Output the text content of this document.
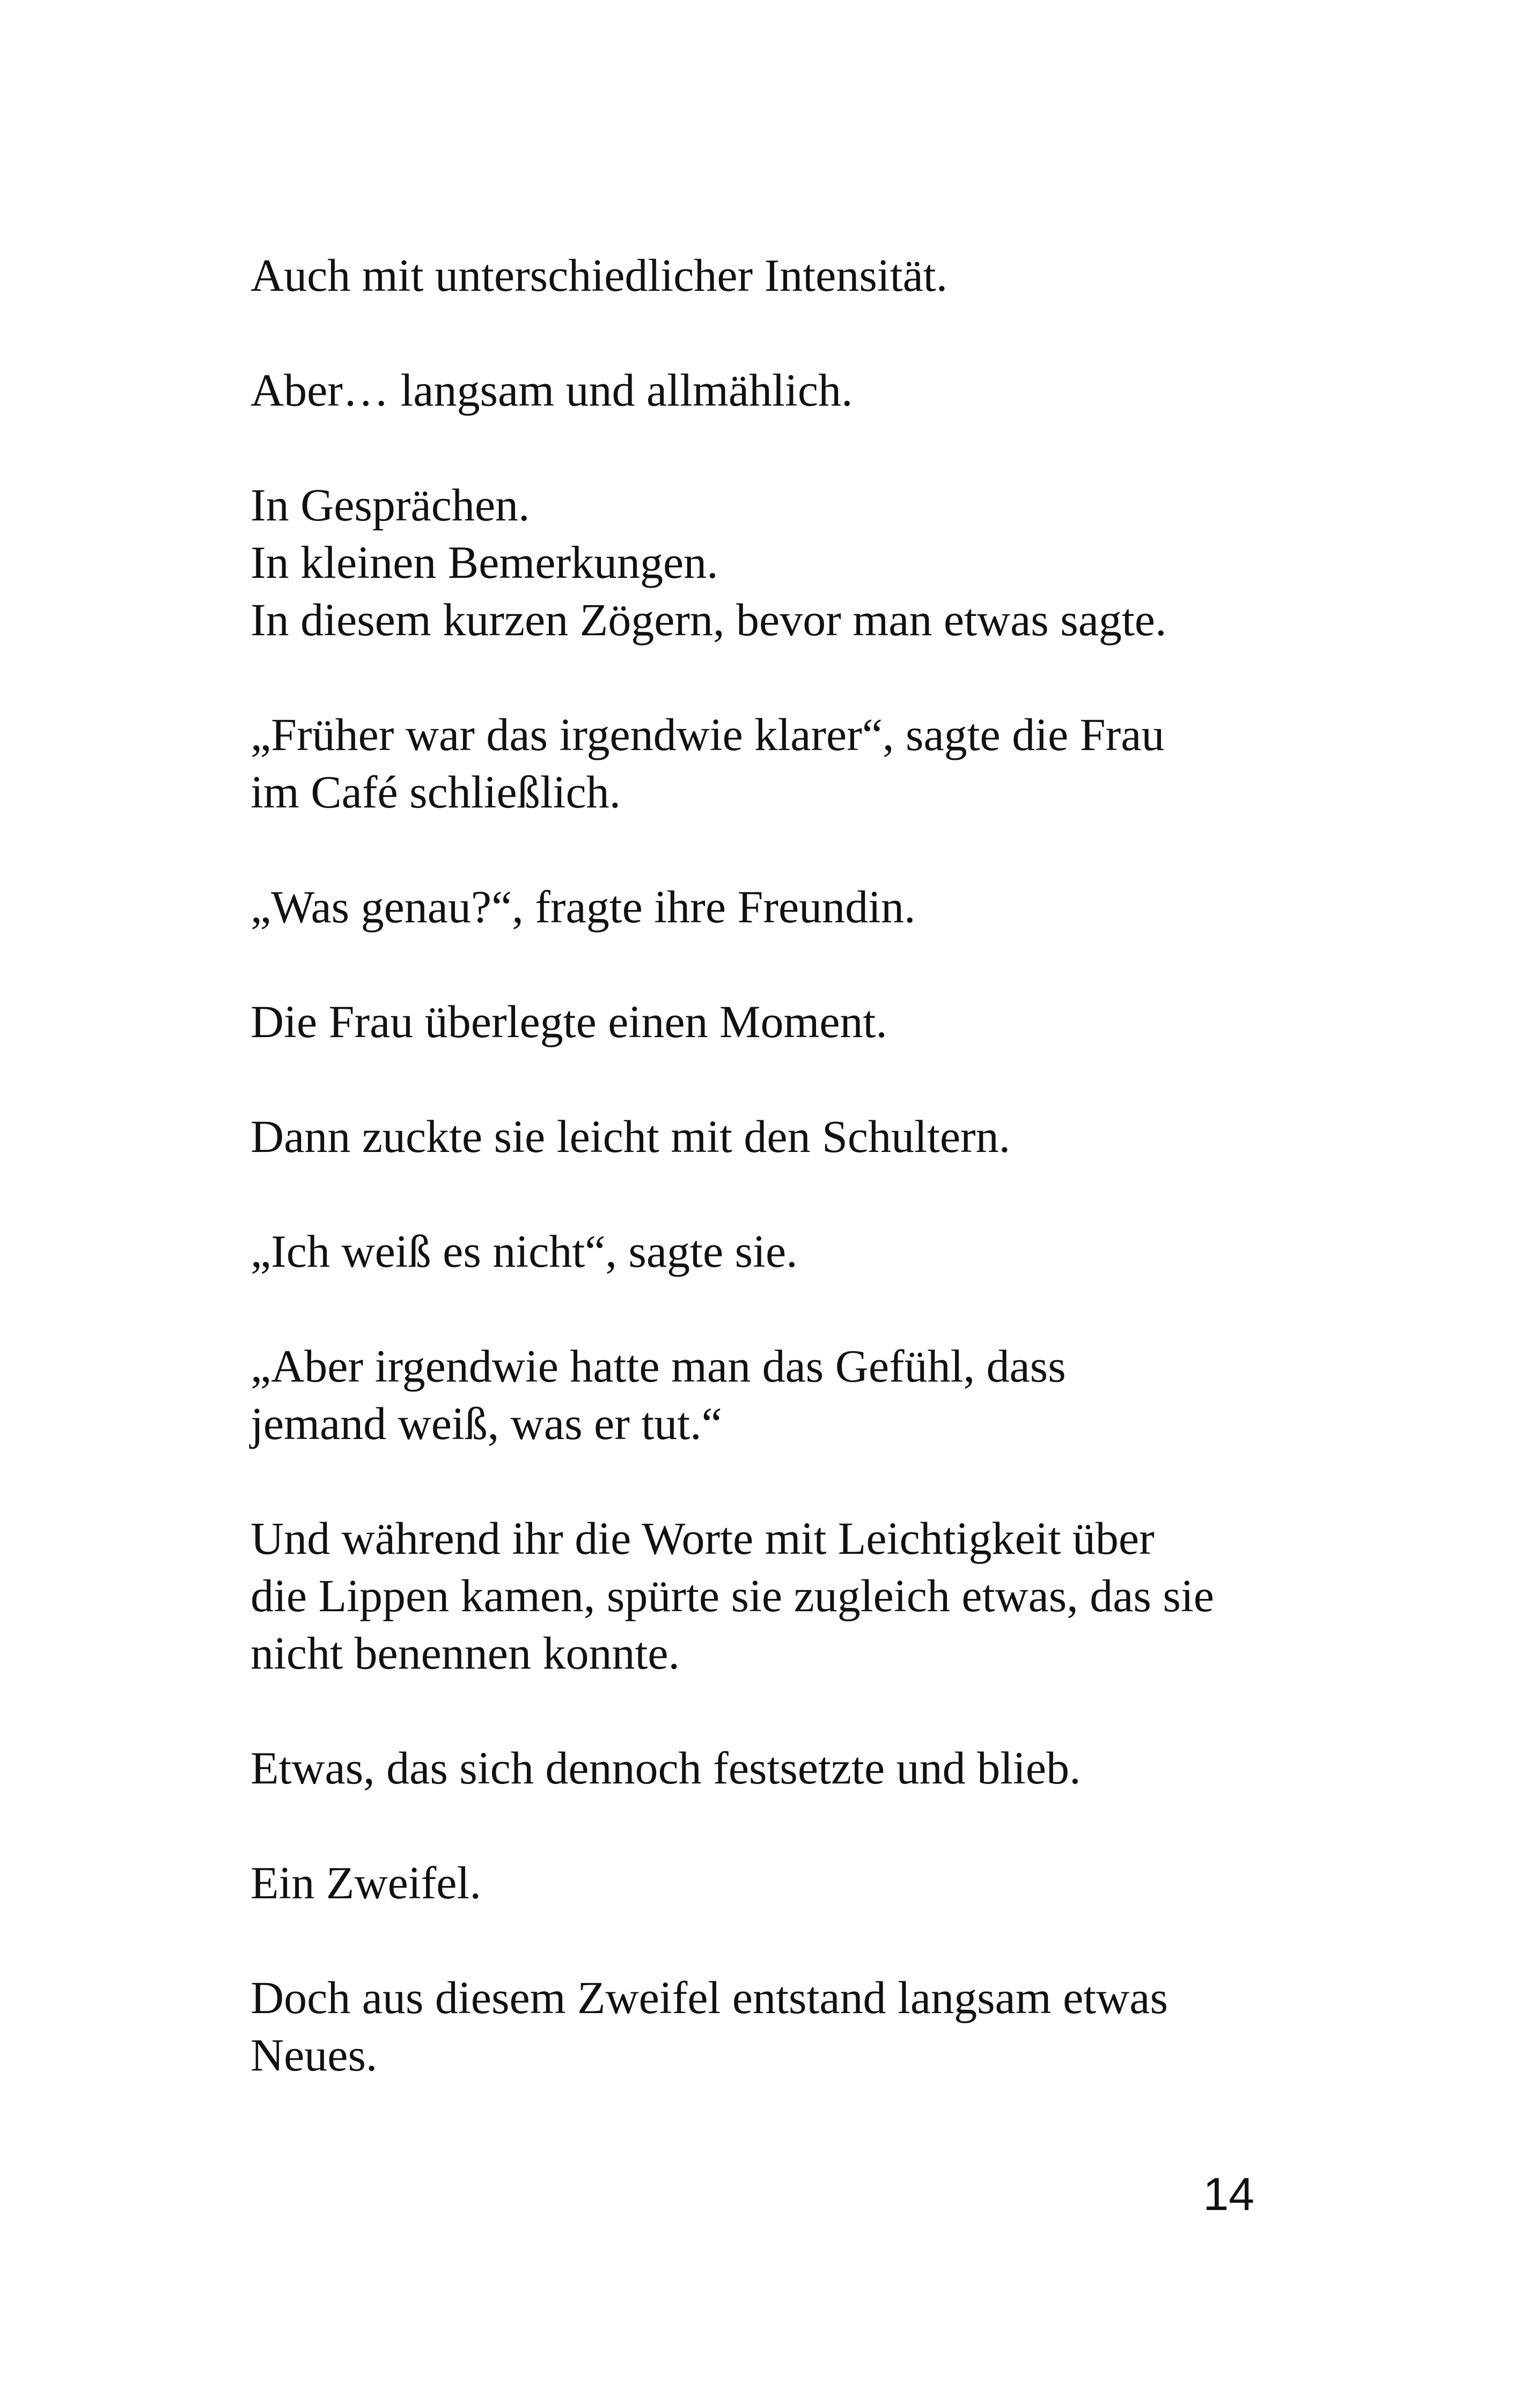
Auch mit unterschiedlicher Intensität.
Aber… langsam und allmählich.
In Gesprächen.
In kleinen Bemerkungen.
In diesem kurzen Zögern, bevor man etwas sagte.
„Früher war das irgendwie klarer“, sagte die Frau
im Café schließlich.
„Was genau?“, fragte ihre Freundin.
Die Frau überlegte einen Moment.
Dann zuckte sie leicht mit den Schultern.
„Ich weiß es nicht“, sagte sie.
„Aber irgendwie hatte man das Gefühl, dass
jemand weiß, was er tut.“
Und während ihr die Worte mit Leichtigkeit über
die Lippen kamen, spürte sie zugleich etwas, das sie
nicht benennen konnte.
Etwas, das sich dennoch festsetzte und blieb.
Ein Zweifel.
Doch aus diesem Zweifel entstand langsam etwas
Neues.
14
